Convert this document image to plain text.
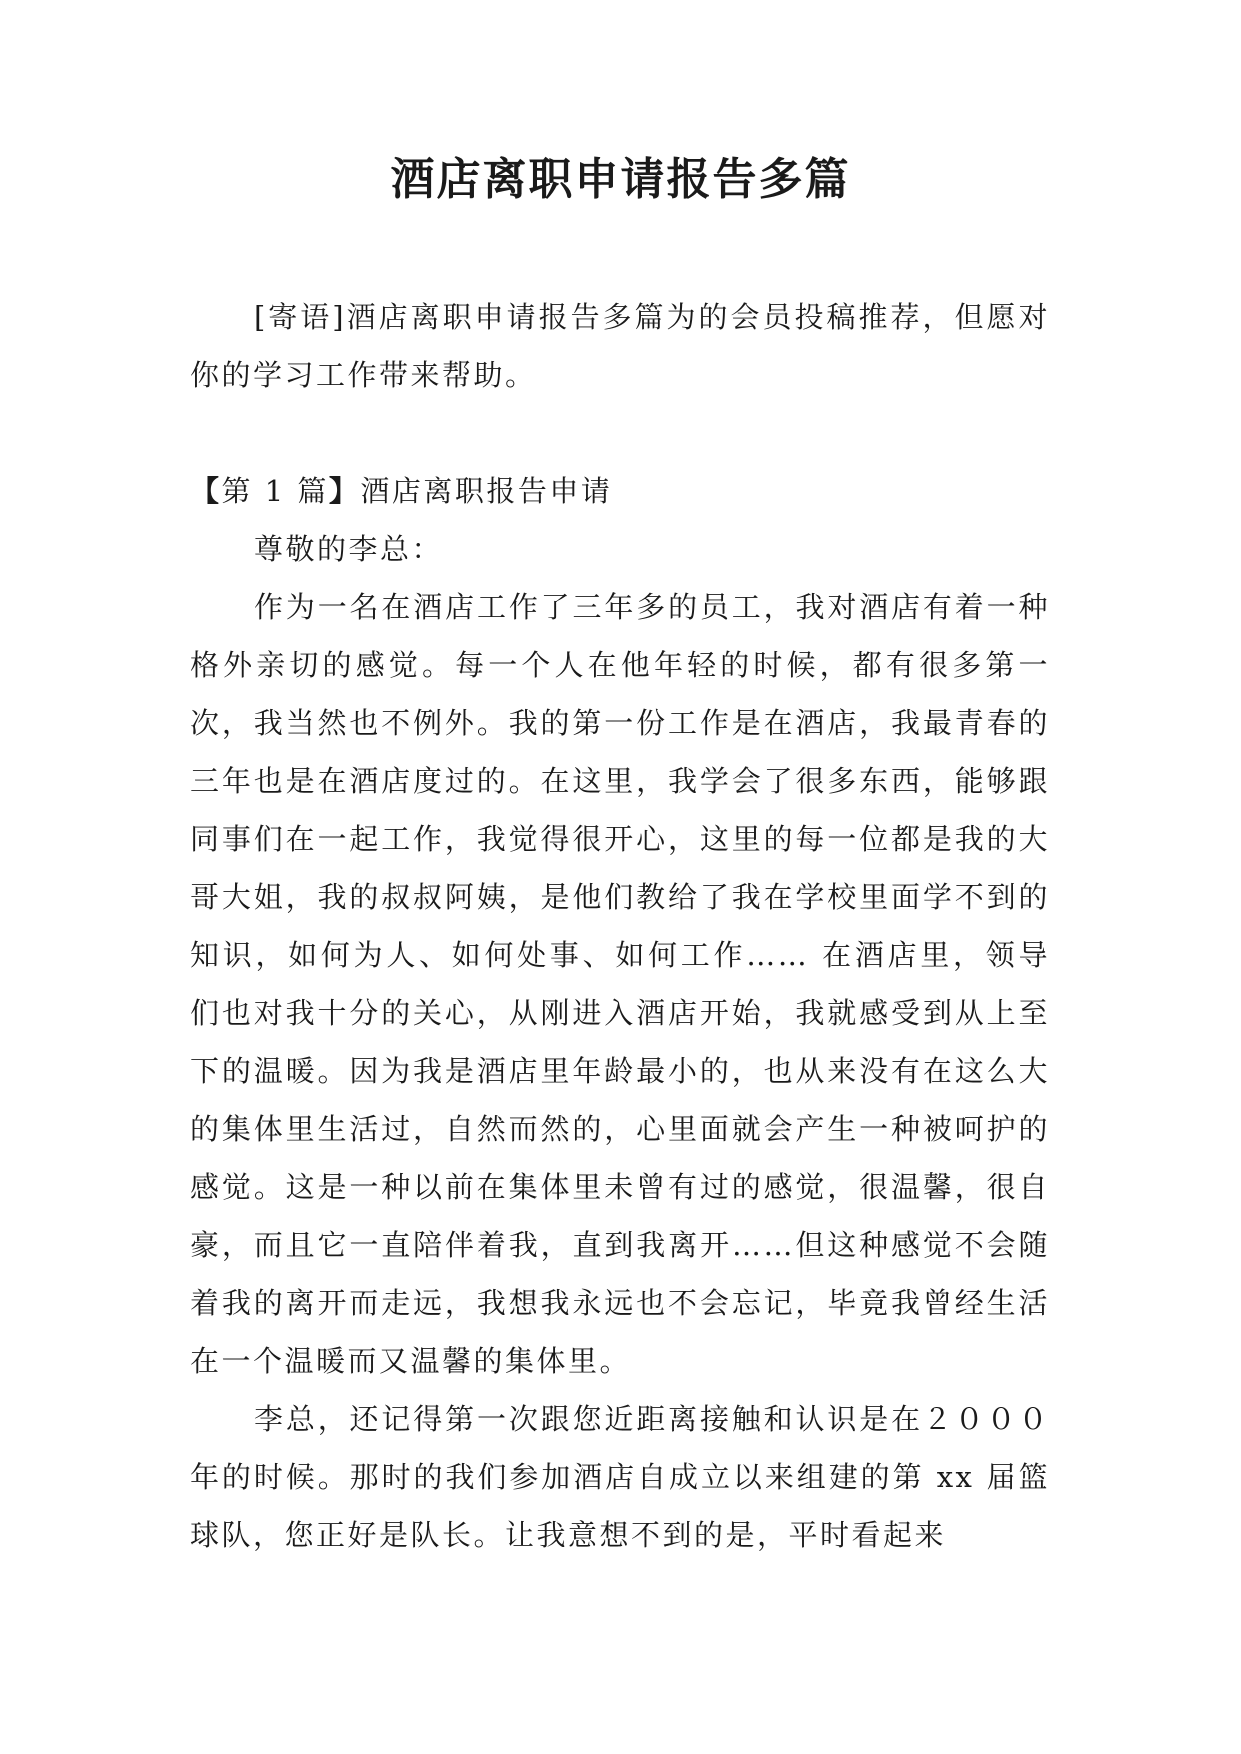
酒店离职申请报告多篇

[寄语]酒店离职申请报告多篇为的会员投稿推荐，但愿对你的学习工作带来帮助。

【第 1 篇】酒店离职报告申请

尊敬的李总：

作为一名在酒店工作了三年多的员工，我对酒店有着一种格外亲切的感觉。每一个人在他年轻的时候，都有很多第一次，我当然也不例外。我的第一份工作是在酒店，我最青春的三年也是在酒店度过的。在这里，我学会了很多东西，能够跟同事们在一起工作，我觉得很开心，这里的每一位都是我的大哥大姐，我的叔叔阿姨，是他们教给了我在学校里面学不到的知识，如何为人、如何处事、如何工作…… 在酒店里，领导们也对我十分的关心，从刚进入酒店开始，我就感受到从上至下的温暖。因为我是酒店里年龄最小的，也从来没有在这么大的集体里生活过，自然而然的，心里面就会产生一种被呵护的感觉。这是一种以前在集体里未曾有过的感觉，很温馨，很自豪，而且它一直陪伴着我，直到我离开……但这种感觉不会随着我的离开而走远，我想我永远也不会忘记，毕竟我曾经生活在一个温暖而又温馨的集体里。

李总，还记得第一次跟您近距离接触和认识是在２０００年的时候。那时的我们参加酒店自成立以来组建的第 xx 届篮球队，您正好是队长。让我意想不到的是，平时看起来
